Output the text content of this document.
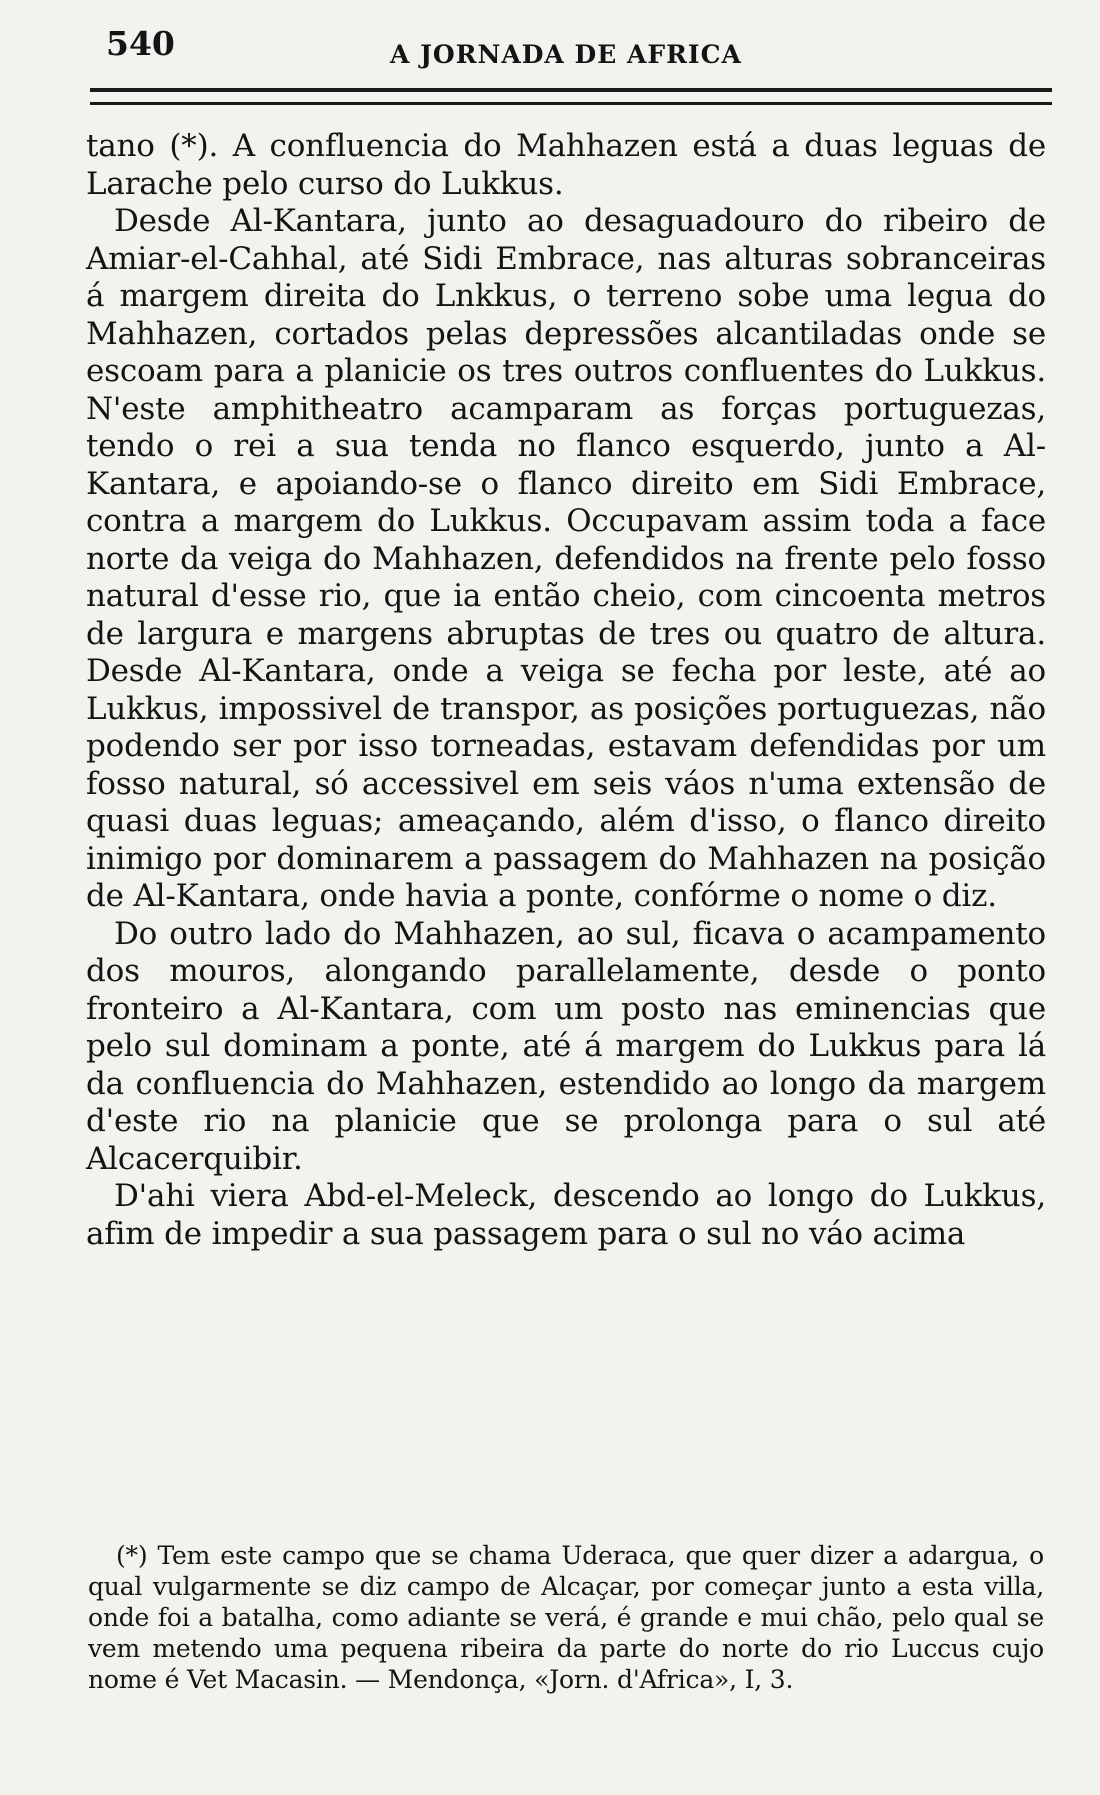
540	A JORNADA DE AFRICA

tano (*). A confluencia do Mahhazen está a duas leguas de Larache pelo curso do Lukkus.

Desde Al-Kantara, junto ao desaguadouro do ribeiro de Amiar-el-Cahhal, até Sidi Embrace, nas alturas sobranceiras á margem direita do Lnkkus, o terreno sobe uma legua do Mahhazen, cortados pelas depressões alcantiladas onde se escoam para a planicie os tres outros confluentes do Lukkus. N'este amphitheatro acamparam as forças portuguezas, tendo o rei a sua tenda no flanco esquerdo, junto a Al-Kantara, e apoiando-se o flanco direito em Sidi Embrace, contra a margem do Lukkus. Occupavam assim toda a face norte da veiga do Mahhazen, defendidos na frente pelo fosso natural d'esse rio, que ia então cheio, com cincoenta metros de largura e margens abruptas de tres ou quatro de altura. Desde Al-Kantara, onde a veiga se fecha por leste, até ao Lukkus, impossivel de transpor, as posições portuguezas, não podendo ser por isso torneadas, estavam defendidas por um fosso natural, só accessivel em seis váos n'uma extensão de quasi duas leguas; ameaçando, além d'isso, o flanco direito inimigo por dominarem a passagem do Mahhazen na posição de Al-Kantara, onde havia a ponte, confórme o nome o diz.

Do outro lado do Mahhazen, ao sul, ficava o acampamento dos mouros, alongando parallelamente, desde o ponto fronteiro a Al-Kantara, com um posto nas eminencias que pelo sul dominam a ponte, até á margem do Lukkus para lá da confluencia do Mahhazen, estendido ao longo da margem d'este rio na planicie que se prolonga para o sul até Alcacerquibir.

D'ahi viera Abd-el-Meleck, descendo ao longo do Lukkus, afim de impedir a sua passagem para o sul no váo acima

(*) Tem este campo que se chama Uderaca, que quer dizer a adargua, o qual vulgarmente se diz campo de Alcaçar, por começar junto a esta villa, onde foi a batalha, como adiante se verá, é grande e mui chão, pelo qual se vem metendo uma pequena ribeira da parte do norte do rio Luccus cujo nome é Vet Macasin. — Mendonça, «Jorn. d'Africa», I, 3.
